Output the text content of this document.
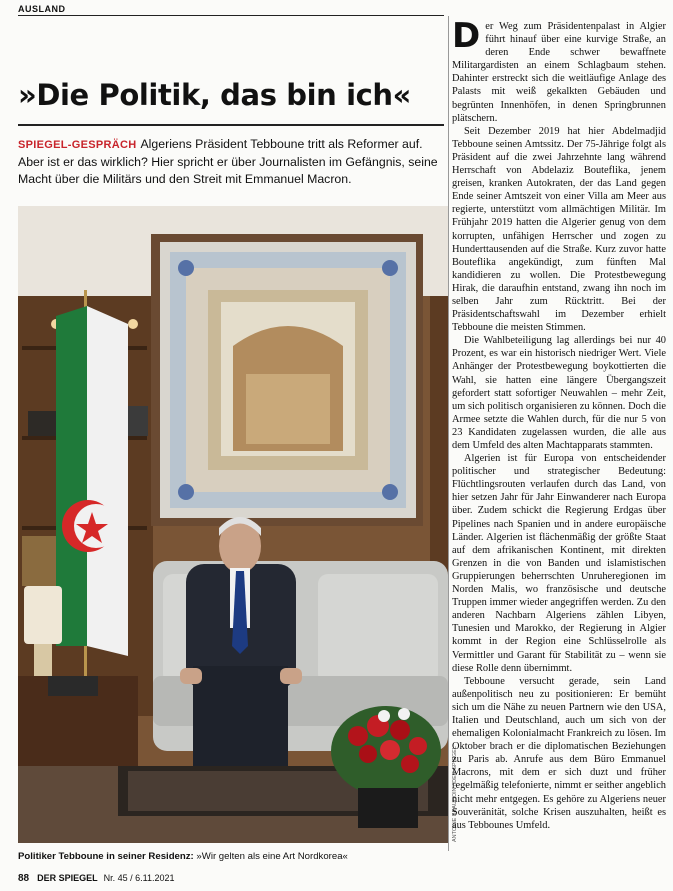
AUSLAND
»Die Politik, das bin ich«
SPIEGEL-GESPRÄCH Algeriens Präsident Tebboune tritt als Reformer auf. Aber ist er das wirklich? Hier spricht er über Journalisten im Gefängnis, seine Macht über die Militärs und den Streit mit Emmanuel Macron.
ANTOINE BEAUDOIN / DER SPIEGEL
Politiker Tebboune in seiner Residenz: »Wir gelten als eine Art Nordkorea«
88 DER SPIEGEL Nr. 45 / 6.11.2021

Der Weg zum Präsidentenpalast in Algier führt hinauf über eine kurvige Straße, an deren Ende schwer bewaffnete Militargardisten an einem Schlagbaum stehen. Dahinter erstreckt sich die weitläufige Anlage des Palasts mit weiß gekalkten Gebäuden und begrünten Innenhöfen, in denen Springbrunnen plätschern.

Seit Dezember 2019 hat hier Abdelmadjid Tebboune seinen Amtssitz. Der 75-Jährige folgt als Präsident auf die zwei Jahrzehnte lang während Herrschaft von Abdelaziz Bouteflika, jenem greisen, kranken Autokraten, der das Land gegen Ende seiner Amtszeit von einer Villa am Meer aus regierte, unterstützt vom allmächtigen Militär. Im Frühjahr 2019 hatten die Algerier genug von dem korrupten, unfähigen Herrscher und zogen zu Hunderttausenden auf die Straße. Kurz zuvor hatte Bouteflika angekündigt, zum fünften Mal kandidieren zu wollen. Die Protestbewegung Hirak, die daraufhin entstand, zwang ihn noch im selben Jahr zum Rücktritt. Bei der Präsidentschaftswahl im Dezember erhielt Tebboune die meisten Stimmen.

Die Wahlbeteiligung lag allerdings bei nur 40 Prozent, es war ein historisch niedriger Wert. Viele Anhänger der Protestbewegung boykottierten die Wahl, sie hatten eine längere Übergangszeit gefordert statt sofortiger Neuwahlen – mehr Zeit, um sich politisch organisieren zu können. Doch die Armee setzte die Wahlen durch, für die nur 5 von 23 Kandidaten zugelassen wurden, die alle aus dem Umfeld des alten Machtapparats stammten.

Algerien ist für Europa von entscheidender politischer und strategischer Bedeutung: Flüchtlingsrouten verlaufen durch das Land, von hier setzen Jahr für Jahr Einwanderer nach Europa über. Zudem schickt die Regierung Erdgas über Pipelines nach Spanien und in andere europäische Länder. Algerien ist flächenmäßig der größte Staat auf dem afrikanischen Kontinent, mit direkten Grenzen in die von Banden und islamistischen Gruppierungen beherrschten Unruheregionen im Norden Malis, wo französische und deutsche Truppen immer wieder angegriffen werden. Zu den anderen Nachbarn Algeriens zählen Libyen, Tunesien und Marokko, der Regierung in Algier kommt in der Region eine Schlüsselrolle als Vermittler und Garant für Stabilität zu – wenn sie diese Rolle denn übernimmt.

Tebboune versucht gerade, sein Land außenpolitisch neu zu positionieren: Er bemüht sich um die Nähe zu neuen Partnern wie den USA, Italien und Deutschland, auch um sich von der ehemaligen Kolonialmacht Frankreich zu lösen. Im Oktober brach er die diplomatischen Beziehungen zu Paris ab. Anrufe aus dem Büro Emmanuel Macrons, mit dem er sich duzt und früher regelmäßig telefonierte, nimmt er seither angeblich nicht mehr entgegen. Es gehöre zu Algeriens neuer Souveränität, solche Krisen auszuhalten, heißt es aus Tebbounes Umfeld.
